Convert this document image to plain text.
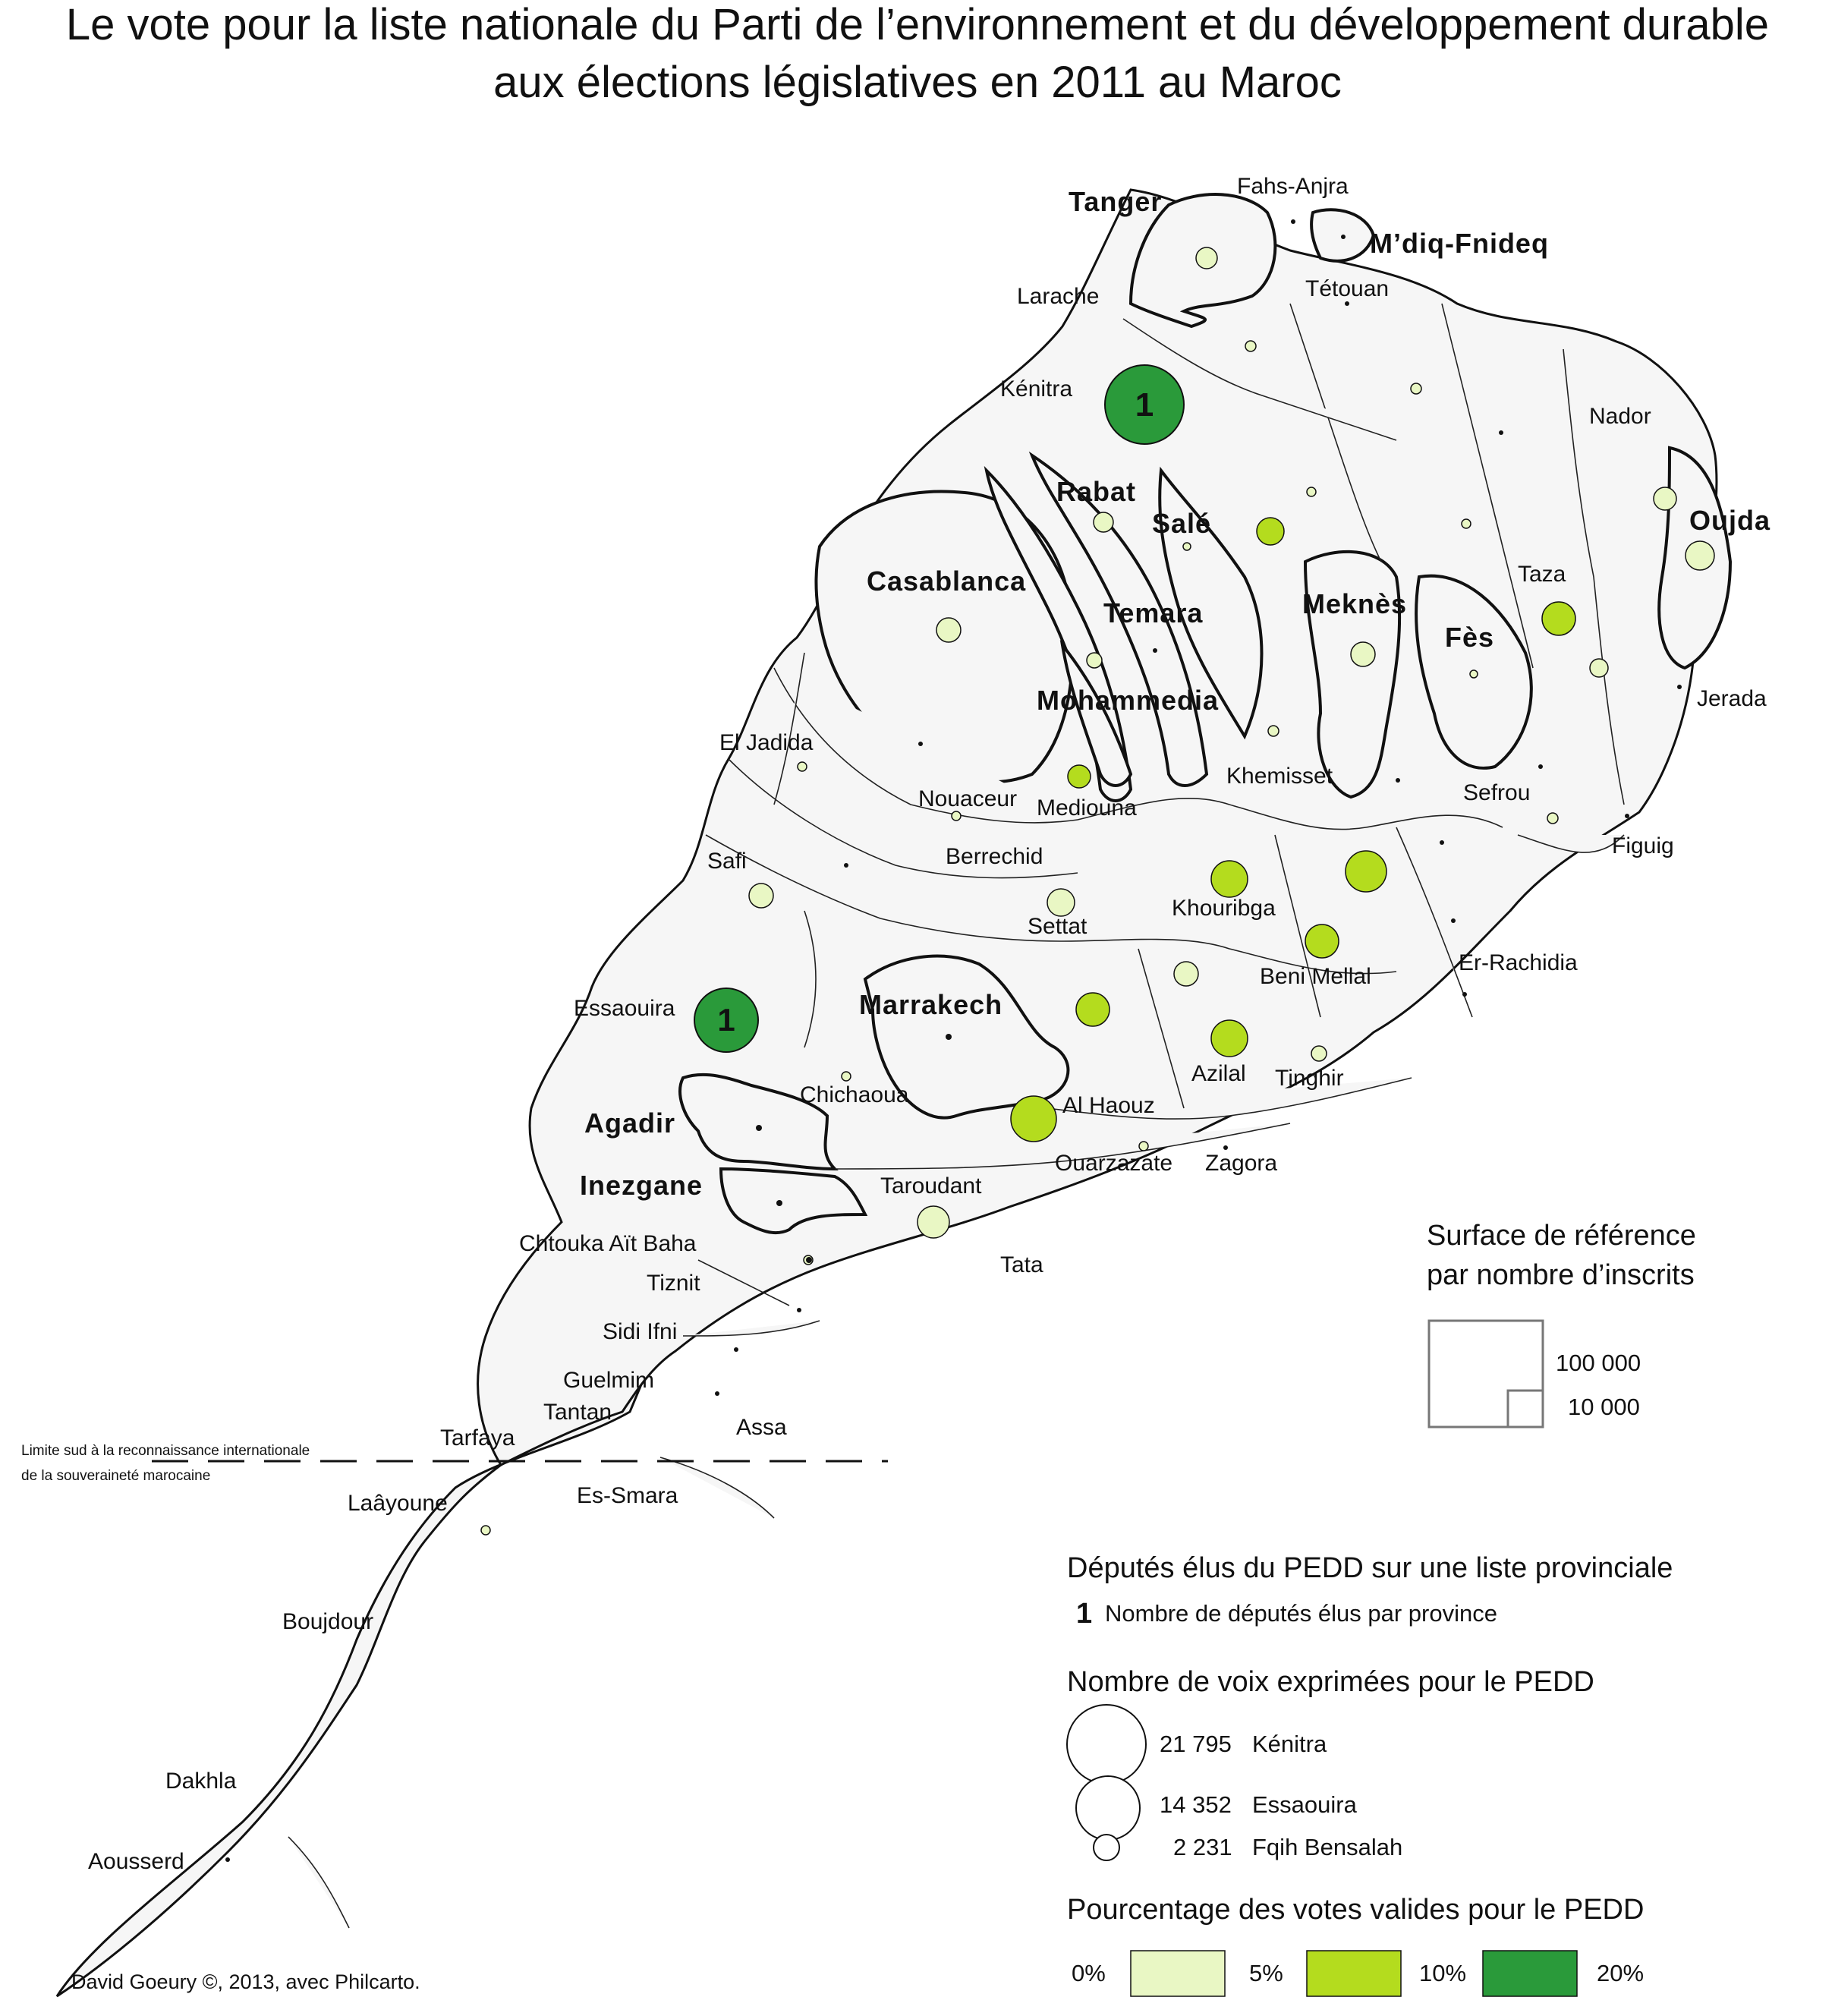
Le vote pour la liste nationale du Parti de l’environnement et du développement durable
aux élections législatives en 2011 au Maroc
1
1
Fahs-Anjra
Tanger
M’diq-Fnideq
Larache	Tétouan
Kénitra
Nador
Rabat
Salé	Oujda
Casablanca	Taza
Temara	Meknès
Fès
Mohammedia	Jerada
El Jadida
Khemisset
Sefrou
Nouaceur Mediouna
Figuig
Berrechid
Safi
Khouribga
Settat
Er-Rachidia
Beni Mellal
Essaouira	Marrakech
Azilal Tinghir
Chichaoua	Al Haouz
Agadir
Ouarzazate Zagora
Inezgane	Taroudant
Chtouka Aït Baha
Tata
Tiznit
Sidi Ifni
Guelmim
Tantan
Tarfaya	Assa
Limite sud à la reconnaissance internationale
de la souveraineté marocaine
Laâyoune	Es-Smara
Boujdour
Dakhla
Aousserd
Surface de référence
par nombre d’inscrits
100 000
10 000
Députés élus du PEDD sur une liste provinciale
1 Nombre de députés élus par province
Nombre de voix exprimées pour le PEDD
21 795 Kénitra
14 352 Essaouira
2 231 Fqih Bensalah
Pourcentage des votes valides pour le PEDD
0%	5%	10%	20%
David Goeury ©, 2013, avec Philcarto.
